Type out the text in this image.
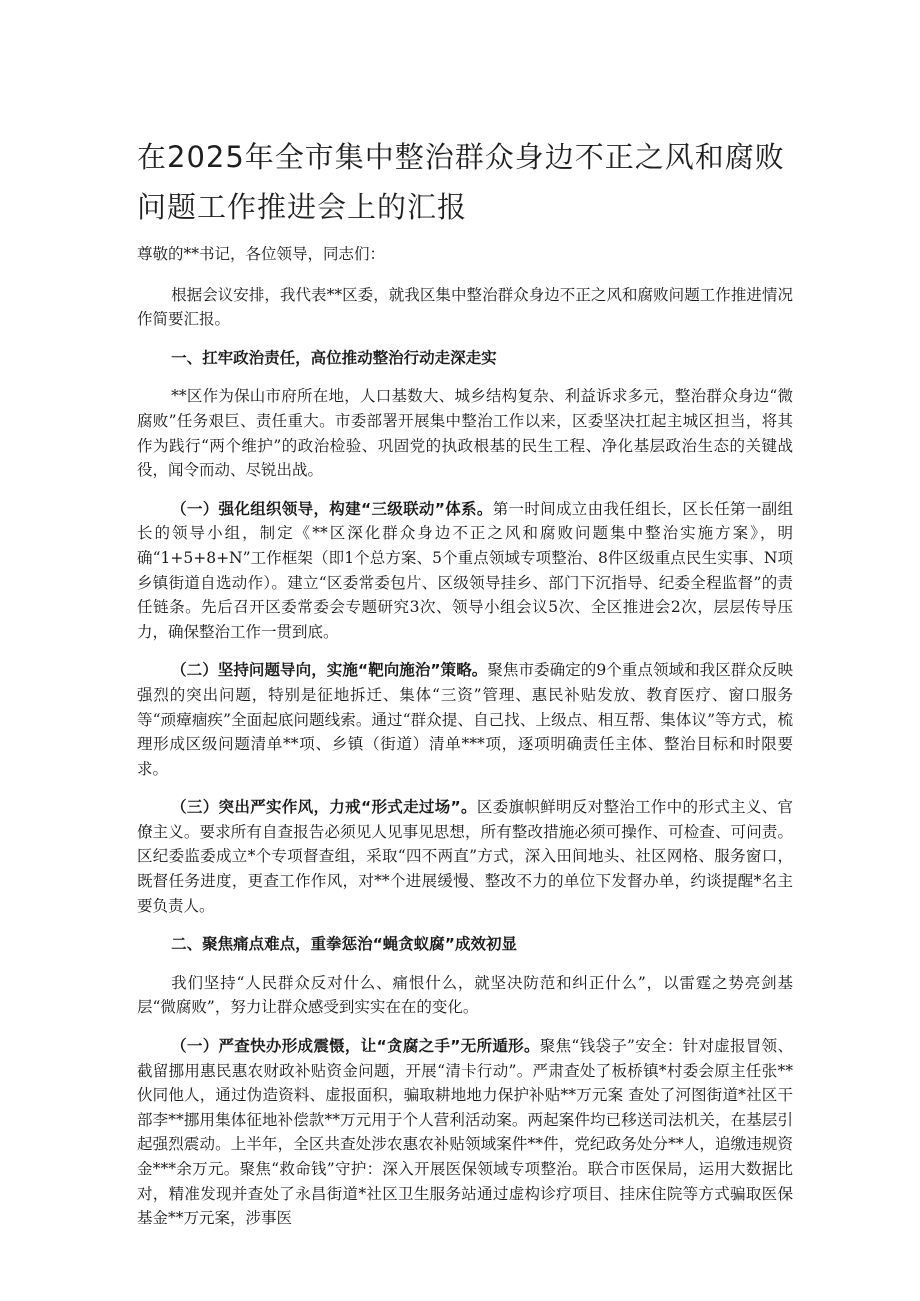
在2025年全市集中整治群众身边不正之风和腐败问题工作推进会上的汇报

尊敬的**书记，各位领导，同志们：

根据会议安排，我代表**区委，就我区集中整治群众身边不正之风和腐败问题工作推进情况作简要汇报。

一、扛牢政治责任，高位推动整治行动走深走实

**区作为保山市府所在地，人口基数大、城乡结构复杂、利益诉求多元，整治群众身边“微腐败”任务艰巨、责任重大。市委部署开展集中整治工作以来，区委坚决扛起主城区担当，将其作为践行“两个维护”的政治检验、巩固党的执政根基的民生工程、净化基层政治生态的关键战役，闻令而动、尽锐出战。

（一）强化组织领导，构建“三级联动”体系。第一时间成立由我任组长，区长任第一副组长的领导小组，制定《**区深化群众身边不正之风和腐败问题集中整治实施方案》，明确“1+5+8+N”工作框架（即1个总方案、5个重点领域专项整治、8件区级重点民生实事、N项乡镇街道自选动作）。建立“区委常委包片、区级领导挂乡、部门下沉指导、纪委全程监督”的责任链条。先后召开区委常委会专题研究3次、领导小组会议5次、全区推进会2次，层层传导压力，确保整治工作一贯到底。

（二）坚持问题导向，实施“靶向施治”策略。聚焦市委确定的9个重点领域和我区群众反映强烈的突出问题，特别是征地拆迁、集体“三资”管理、惠民补贴发放、教育医疗、窗口服务等“顽瘴痼疾”全面起底问题线索。通过“群众提、自己找、上级点、相互帮、集体议”等方式，梳理形成区级问题清单**项、乡镇（街道）清单***项，逐项明确责任主体、整治目标和时限要求。

（三）突出严实作风，力戒“形式走过场”。区委旗帜鲜明反对整治工作中的形式主义、官僚主义。要求所有自查报告必须见人见事见思想，所有整改措施必须可操作、可检查、可问责。区纪委监委成立*个专项督查组，采取“四不两直”方式，深入田间地头、社区网格、服务窗口，既督任务进度，更查工作作风，对**个进展缓慢、整改不力的单位下发督办单，约谈提醒*名主要负责人。

二、聚焦痛点难点，重拳惩治“蝇贪蚁腐”成效初显

我们坚持“人民群众反对什么、痛恨什么，就坚决防范和纠正什么”，以雷霆之势亮剑基层“微腐败”，努力让群众感受到实实在在的变化。

（一）严查快办形成震慑，让“贪腐之手”无所遁形。聚焦“钱袋子”安全：针对虚报冒领、截留挪用惠民惠农财政补贴资金问题，开展“清卡行动”。严肃查处了板桥镇*村委会原主任张**伙同他人，通过伪造资料、虚报面积，骗取耕地地力保护补贴**万元案 查处了河图街道*社区干部李**挪用集体征地补偿款**万元用于个人营利活动案。两起案件均已移送司法机关，在基层引起强烈震动。上半年，全区共查处涉农惠农补贴领域案件**件，党纪政务处分**人，追缴违规资金***余万元。聚焦“救命钱”守护：深入开展医保领域专项整治。联合市医保局，运用大数据比对，精准发现并查处了永昌街道*社区卫生服务站通过虚构诊疗项目、挂床住院等方式骗取医保基金**万元案，涉事医
